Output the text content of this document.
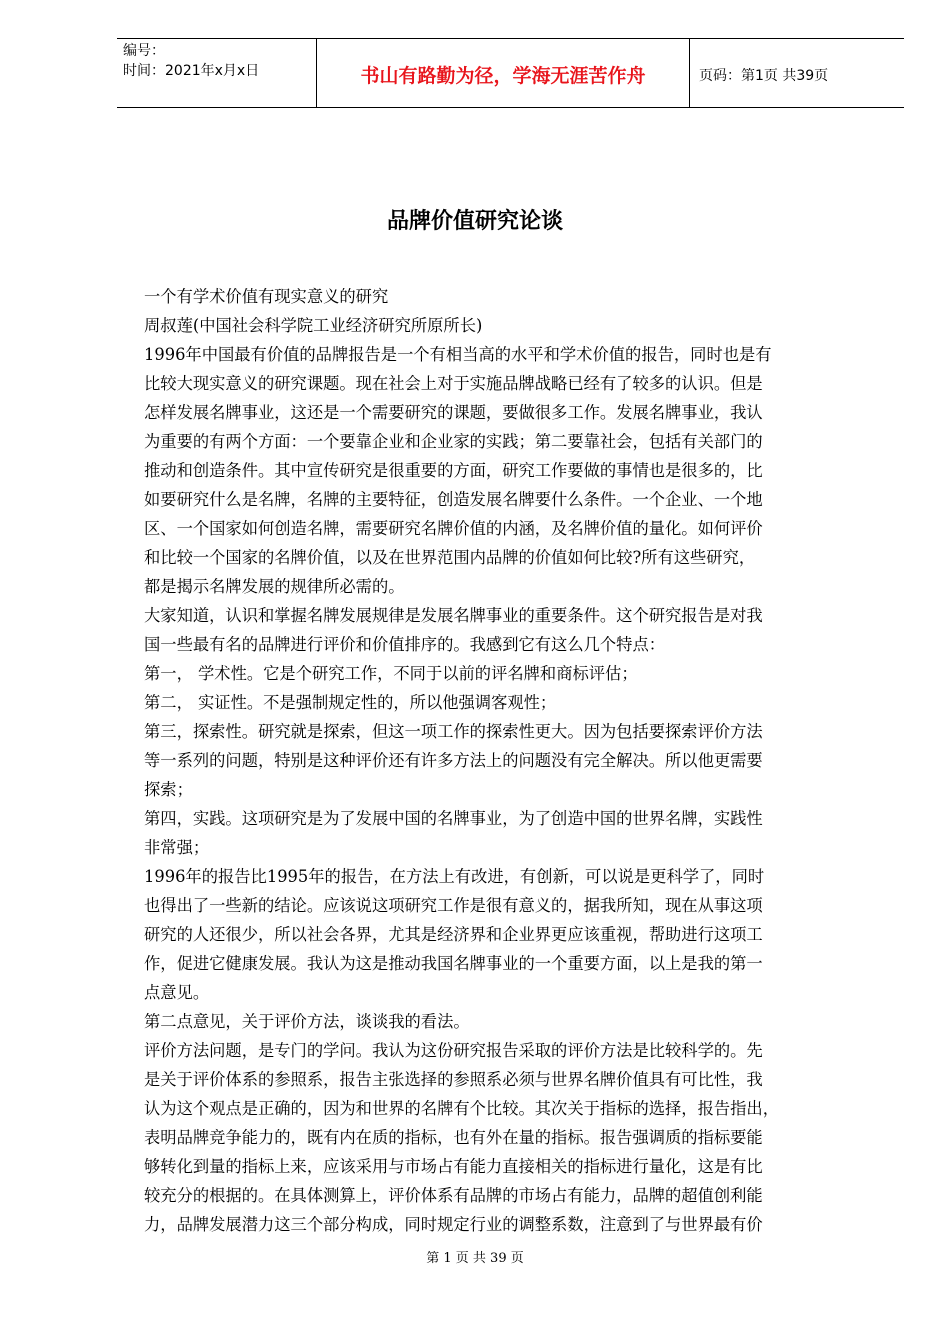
编号：
时间：2021年x月x日	书山有路勤为径，学海无涯苦作舟	页码：第1页 共39页
品牌价值研究论谈
一个有学术价值有现实意义的研究
周叔莲(中国社会科学院工业经济研究所原所长)
1996年中国最有价值的品牌报告是一个有相当高的水平和学术价值的报告，同时也是有
比较大现实意义的研究课题。现在社会上对于实施品牌战略已经有了较多的认识。但是
怎样发展名牌事业，这还是一个需要研究的课题，要做很多工作。发展名牌事业，我认
为重要的有两个方面：一个要靠企业和企业家的实践；第二要靠社会，包括有关部门的
推动和创造条件。其中宣传研究是很重要的方面，研究工作要做的事情也是很多的，比
如要研究什么是名牌，名牌的主要特征，创造发展名牌要什么条件。一个企业、一个地
区、一个国家如何创造名牌，需要研究名牌价值的内涵，及名牌价值的量化。如何评价
和比较一个国家的名牌价值，以及在世界范围内品牌的价值如何比较?所有这些研究，
都是揭示名牌发展的规律所必需的。
大家知道，认识和掌握名牌发展规律是发展名牌事业的重要条件。这个研究报告是对我
国一些最有名的品牌进行评价和价值排序的。我感到它有这么几个特点：
第一， 学术性。它是个研究工作，不同于以前的评名牌和商标评估；
第二， 实证性。不是强制规定性的，所以他强调客观性；
第三，探索性。研究就是探索，但这一项工作的探索性更大。因为包括要探索评价方法
等一系列的问题，特别是这种评价还有许多方法上的问题没有完全解决。所以他更需要
探索；
第四，实践。这项研究是为了发展中国的名牌事业，为了创造中国的世界名牌，实践性
非常强；
1996年的报告比1995年的报告，在方法上有改进，有创新，可以说是更科学了，同时
也得出了一些新的结论。应该说这项研究工作是很有意义的，据我所知，现在从事这项
研究的人还很少，所以社会各界，尤其是经济界和企业界更应该重视，帮助进行这项工
作，促进它健康发展。我认为这是推动我国名牌事业的一个重要方面，以上是我的第一
点意见。
第二点意见，关于评价方法，谈谈我的看法。
评价方法问题，是专门的学问。我认为这份研究报告采取的评价方法是比较科学的。先
是关于评价体系的参照系，报告主张选择的参照系必须与世界名牌价值具有可比性，我
认为这个观点是正确的，因为和世界的名牌有个比较。其次关于指标的选择，报告指出，
表明品牌竞争能力的，既有内在质的指标，也有外在量的指标。报告强调质的指标要能
够转化到量的指标上来，应该采用与市场占有能力直接相关的指标进行量化，这是有比
较充分的根据的。在具体测算上，评价体系有品牌的市场占有能力，品牌的超值创利能
力，品牌发展潜力这三个部分构成，同时规定行业的调整系数，注意到了与世界最有价
第 1 页 共 39 页
